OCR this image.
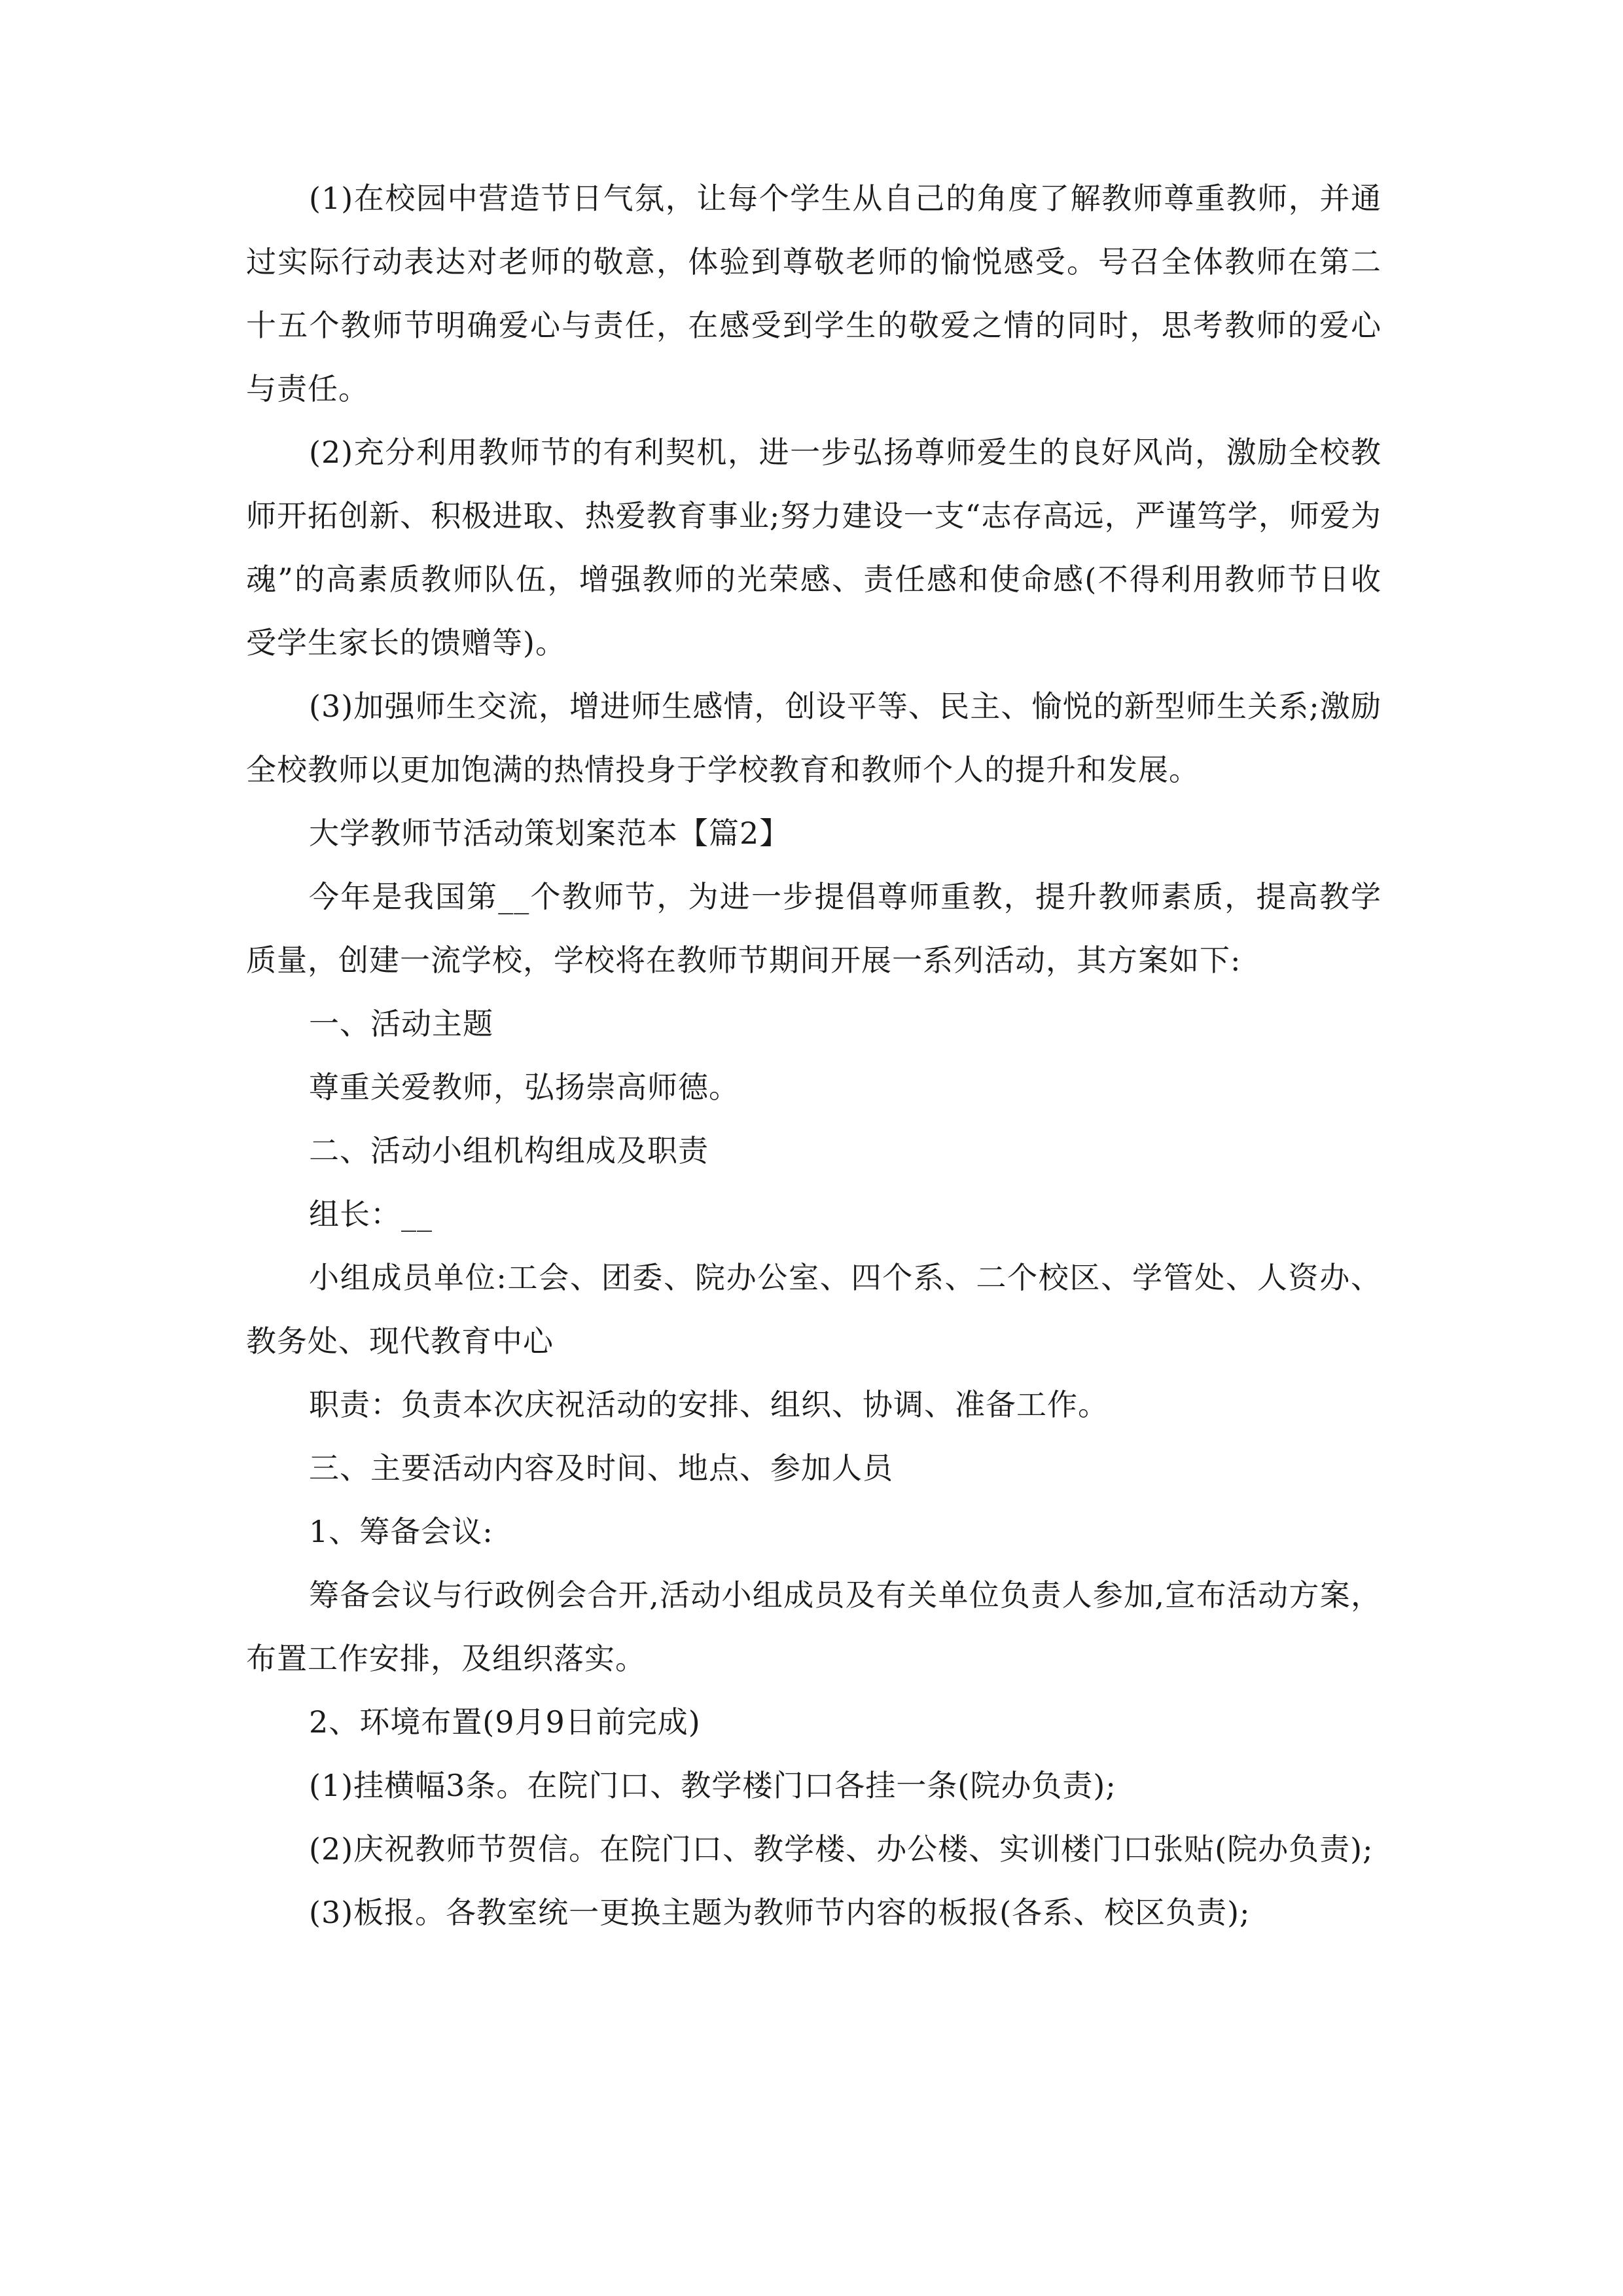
(1)在校园中营造节日气氛，让每个学生从自己的角度了解教师尊重教师，并通过实际行动表达对老师的敬意，体验到尊敬老师的愉悦感受。号召全体教师在第二十五个教师节明确爱心与责任，在感受到学生的敬爱之情的同时，思考教师的爱心与责任。

(2)充分利用教师节的有利契机，进一步弘扬尊师爱生的良好风尚，激励全校教师开拓创新、积极进取、热爱教育事业;努力建设一支“志存高远，严谨笃学，师爱为魂”的高素质教师队伍，增强教师的光荣感、责任感和使命感(不得利用教师节日收受学生家长的馈赠等)。

(3)加强师生交流，增进师生感情，创设平等、民主、愉悦的新型师生关系;激励全校教师以更加饱满的热情投身于学校教育和教师个人的提升和发展。

大学教师节活动策划案范本【篇2】

今年是我国第__个教师节，为进一步提倡尊师重教，提升教师素质，提高教学质量，创建一流学校，学校将在教师节期间开展一系列活动，其方案如下:

一、活动主题

尊重关爱教师，弘扬崇高师德。

二、活动小组机构组成及职责

组长：__

小组成员单位:工会、团委、院办公室、四个系、二个校区、学管处、人资办、教务处、现代教育中心

职责：负责本次庆祝活动的安排、组织、协调、准备工作。

三、主要活动内容及时间、地点、参加人员

1、筹备会议:

筹备会议与行政例会合开,活动小组成员及有关单位负责人参加,宣布活动方案，布置工作安排，及组织落实。

2、环境布置(9月9日前完成)

(1)挂横幅3条。在院门口、教学楼门口各挂一条(院办负责);

(2)庆祝教师节贺信。在院门口、教学楼、办公楼、实训楼门口张贴(院办负责);

(3)板报。各教室统一更换主题为教师节内容的板报(各系、校区负责);
